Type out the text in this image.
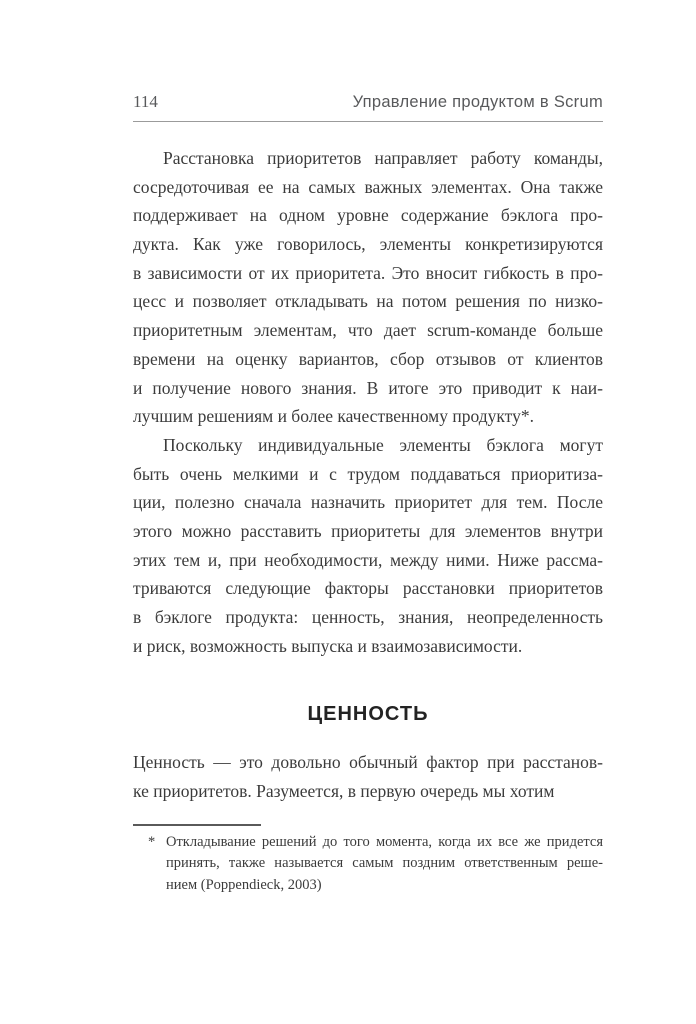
114	Управление продуктом в Scrum
Расстановка приоритетов направляет работу команды,
сосредоточивая ее на самых важных элементах. Она также
поддерживает на одном уровне содержание бэклога про-
дукта. Как уже говорилось, элементы конкретизируются
в зависимости от их приоритета. Это вносит гибкость в про-
цесс и позволяет откладывать на потом решения по низко-
приоритетным элементам, что дает scrum-команде больше
времени на оценку вариантов, сбор отзывов от клиентов
и получение нового знания. В итоге это приводит к наи-
лучшим решениям и более качественному продукту*.
Поскольку индивидуальные элементы бэклога могут
быть очень мелкими и с трудом поддаваться приоритиза-
ции, полезно сначала назначить приоритет для тем. После
этого можно расставить приоритеты для элементов внутри
этих тем и, при необходимости, между ними. Ниже рассма-
триваются следующие факторы расстановки приоритетов
в бэклоге продукта: ценность, знания, неопределенность
и риск, возможность выпуска и взаимозависимости.
ЦЕННОСТЬ
Ценность — это довольно обычный фактор при расстанов-
ке приоритетов. Разумеется, в первую очередь мы хотим
* Откладывание решений до того момента, когда их все же придется
принять, также называется самым поздним ответственным реше-
нием (Poppendieck, 2003)
